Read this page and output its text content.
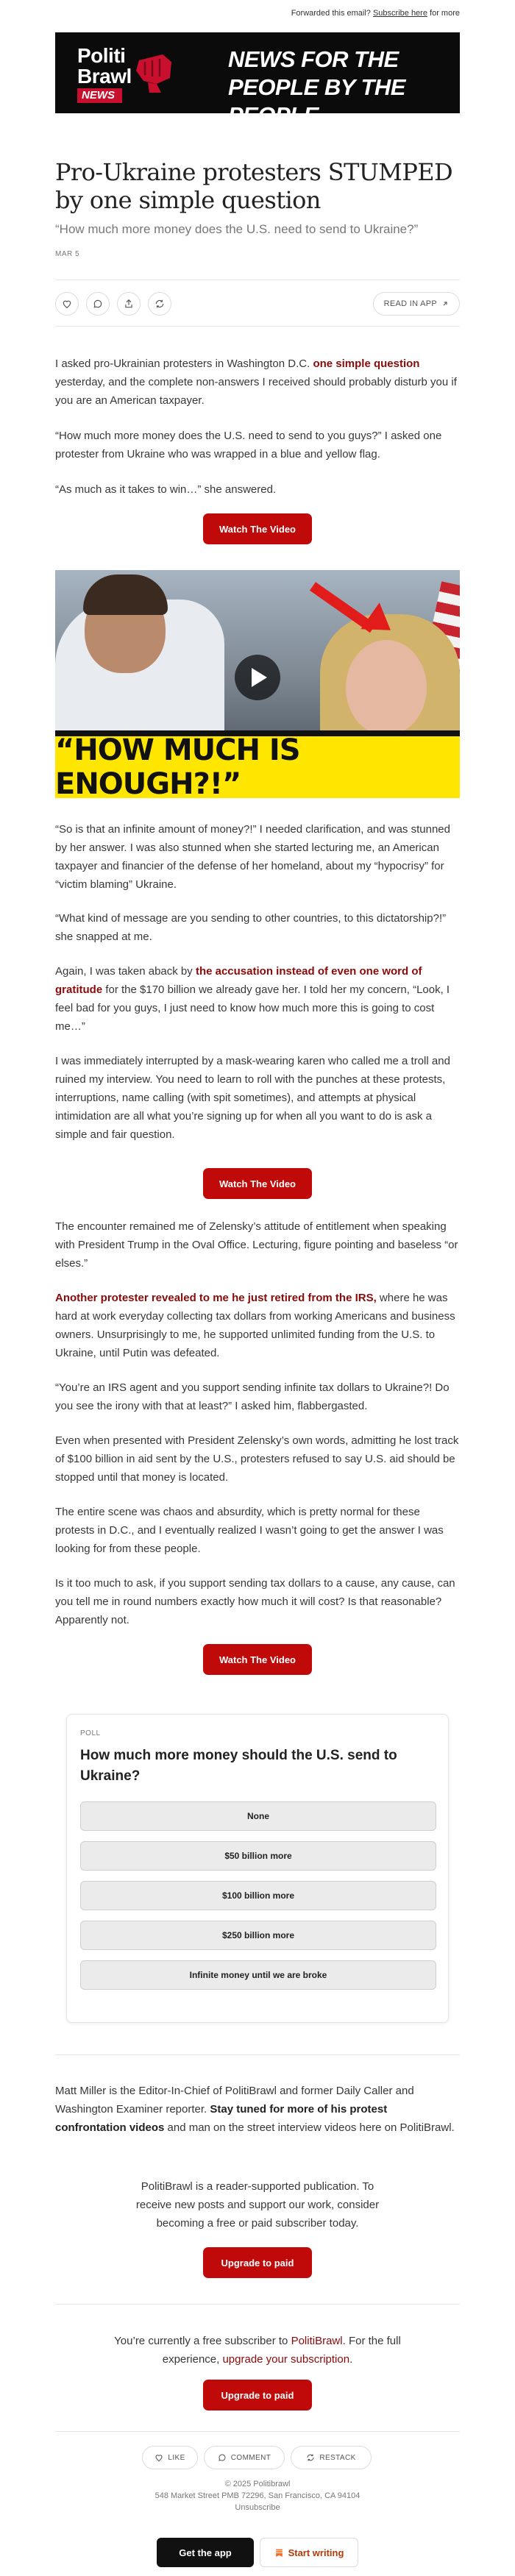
Forwarded this email? Subscribe here for more
Politi
Brawl
NEWS
NEWS FOR THE PEOPLE BY THE PEOPLE
Pro-Ukraine protesters STUMPED by one simple question
“How much more money does the U.S. need to send to Ukraine?”
MAR 5
READ IN APP
I asked pro-Ukrainian protesters in Washington D.C. one simple question yesterday, and the complete non-answers I received should probably disturb you if you are an American taxpayer.
“How much more money does the U.S. need to send to you guys?” I asked one protester from Ukraine who was wrapped in a blue and yellow flag.
“As much as it takes to win…” she answered.
Watch The Video
“HOW MUCH IS ENOUGH?!”
“So is that an infinite amount of money?!” I needed clarification, and was stunned by her answer. I was also stunned when she started lecturing me, an American taxpayer and financier of the defense of her homeland, about my “hypocrisy” for “victim blaming” Ukraine.
“What kind of message are you sending to other countries, to this dictatorship?!” she snapped at me.
Again, I was taken aback by the accusation instead of even one word of gratitude for the $170 billion we already gave her. I told her my concern, “Look, I feel bad for you guys, I just need to know how much more this is going to cost me…”
I was immediately interrupted by a mask-wearing karen who called me a troll and ruined my interview. You need to learn to roll with the punches at these protests, interruptions, name calling (with spit sometimes), and attempts at physical intimidation are all what you’re signing up for when all you want to do is ask a simple and fair question.
Watch The Video
The encounter remained me of Zelensky’s attitude of entitlement when speaking with President Trump in the Oval Office. Lecturing, figure pointing and baseless “or elses.”
Another protester revealed to me he just retired from the IRS, where he was hard at work everyday collecting tax dollars from working Americans and business owners. Unsurprisingly to me, he supported unlimited funding from the U.S. to Ukraine, until Putin was defeated.
“You’re an IRS agent and you support sending infinite tax dollars to Ukraine?! Do you see the irony with that at least?” I asked him, flabbergasted.
Even when presented with President Zelensky’s own words, admitting he lost track of $100 billion in aid sent by the U.S., protesters refused to say U.S. aid should be stopped until that money is located.
The entire scene was chaos and absurdity, which is pretty normal for these protests in D.C., and I eventually realized I wasn’t going to get the answer I was looking for from these people.
Is it too much to ask, if you support sending tax dollars to a cause, any cause, can you tell me in round numbers exactly how much it will cost? Is that reasonable? Apparently not.
Watch The Video
POLL
How much more money should the U.S. send to Ukraine?
None
$50 billion more
$100 billion more
$250 billion more
Infinite money until we are broke
Matt Miller is the Editor-In-Chief of PolitiBrawl and former Daily Caller and Washington Examiner reporter. Stay tuned for more of his protest confrontation videos and man on the street interview videos here on PolitiBrawl.
PolitiBrawl is a reader-supported publication. To receive new posts and support our work, consider becoming a free or paid subscriber today.
Upgrade to paid
You’re currently a free subscriber to PolitiBrawl. For the full experience, upgrade your subscription.
Upgrade to paid
LIKE	COMMENT	RESTACK
© 2025 Politibrawl
548 Market Street PMB 72296, San Francisco, CA 94104
Unsubscribe
Get the app	Start writing
